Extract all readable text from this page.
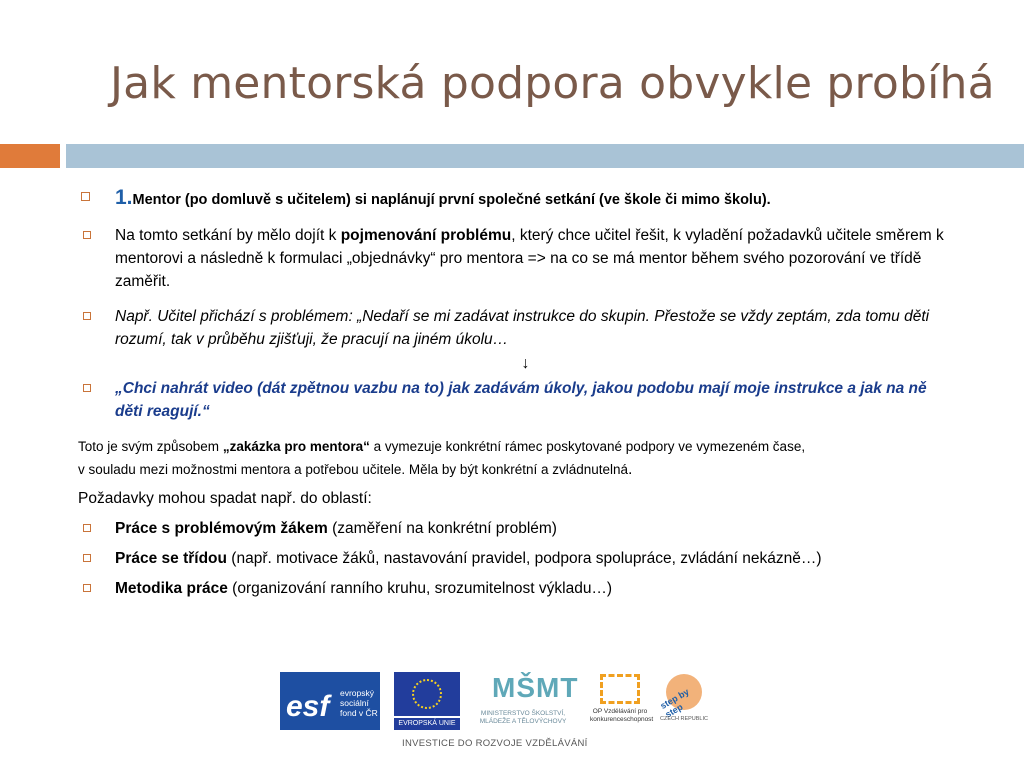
Jak mentorská podpora obvykle probíhá
1.Mentor (po domluvě s učitelem) si naplánují první společné setkání (ve škole či mimo školu).
Na tomto setkání by mělo dojít k pojmenování problému, který chce učitel řešit, k vyladění požadavků učitele směrem k mentorovi a následně k formulaci „objednávky“ pro mentora => na co se má mentor během svého pozorování ve třídě zaměřit.
Např. Učitel přichází s problémem: „Nedaří se mi zadávat instrukce do skupin. Přestože se vždy zeptám, zda tomu děti rozumí, tak v průběhu zjišťuji, že pracují na jiném úkolu…
↓
„Chci nahrát video (dát zpětnou vazbu na to) jak zadávám úkoly, jakou podobu mají moje instrukce a jak na ně děti reagují.“
Toto je svým způsobem „zakázka pro mentora“ a vymezuje konkrétní rámec poskytované podpory ve vymezeném čase,
v souladu mezi možnostmi mentora a potřebou učitele. Měla by být konkrétní a zvládnutelná.
Požadavky mohou spadat např. do oblastí:
Práce s problémovým žákem (zaměření na konkrétní problém)
Práce se třídou (např. motivace žáků, nastavování pravidel, podpora spolupráce, zvládání nekázně…)
Metodika práce (organizování ranního kruhu, srozumitelnost výkladu…)
esf evropský
sociální
fond v ČR
EVROPSKÁ UNIE
MŠMT
MINISTERSTVO ŠKOLSTVÍ, MLÁDEŽE A TĚLOVÝCHOVY
OP Vzdělávání pro konkurenceschopnost
step by step
CZECH REPUBLIC
INVESTICE DO ROZVOJE VZDĚLÁVÁNÍ
